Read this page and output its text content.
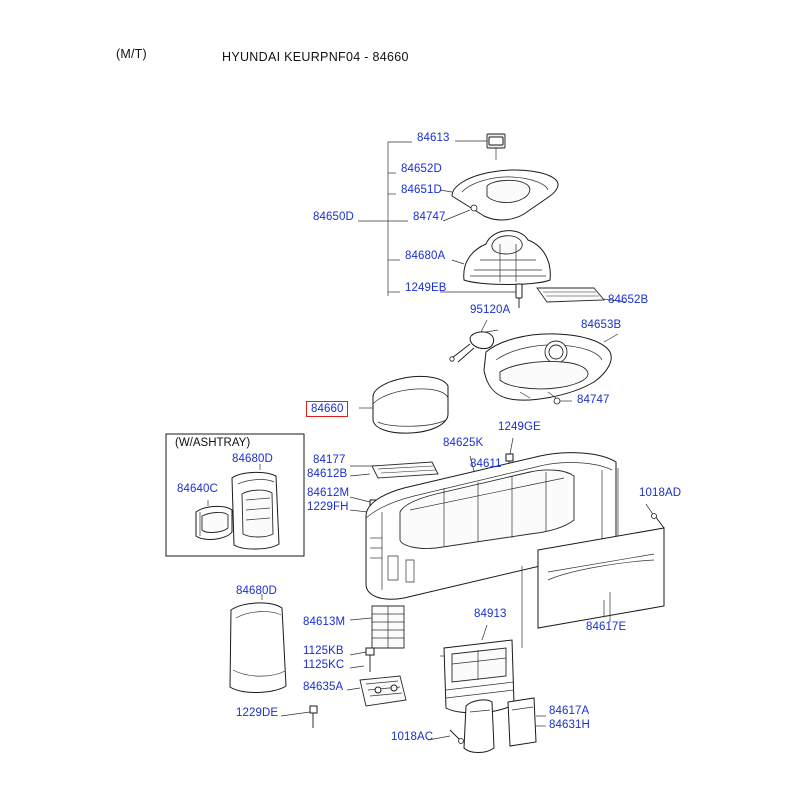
(M/T)	HYUNDAI KEURPNF04 - 84660
84613
84652D
84651D
84650D	84747
84680A
1249EB
95120A
84652B
84653B
84747
84625K
1249GE
84611
84177
84612B
84612M
1229FH
1018AD
84680D
84640C
84680D
84613M
1125KB
1125KC
84635A
1229DE
84913
84617E
84617A
84631H
1018AC
84660
(W/ASHTRAY)
